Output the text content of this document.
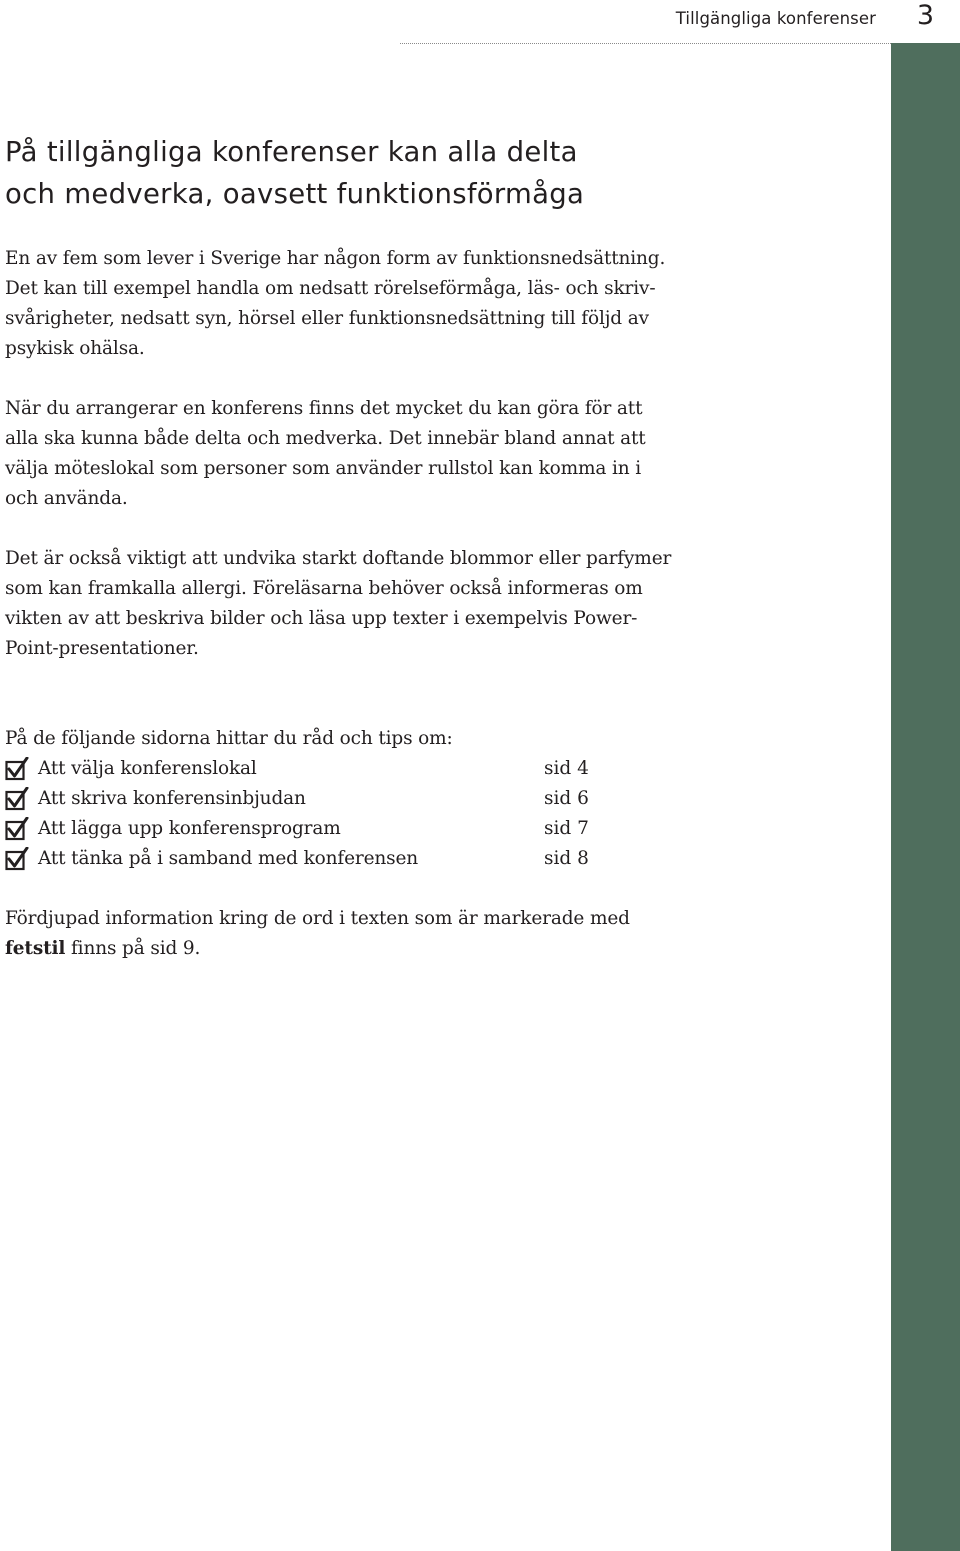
Tillgängliga konferenser 3
På tillgängliga konferenser kan alla delta
och medverka, oavsett funktionsförmåga

En av fem som lever i Sverige har någon form av funktionsnedsättning.
Det kan till exempel handla om nedsatt rörelseförmåga, läs- och skriv-
svårigheter, nedsatt syn, hörsel eller funktionsnedsättning till följd av
psykisk ohälsa.

När du arrangerar en konferens finns det mycket du kan göra för att
alla ska kunna både delta och medverka. Det innebär bland annat att
välja möteslokal som personer som använder rullstol kan komma in i
och använda.

Det är också viktigt att undvika starkt doftande blommor eller parfymer
som kan framkalla allergi. Föreläsarna behöver också informeras om
vikten av att beskriva bilder och läsa upp texter i exempelvis Power-
Point-presentationer.

På de följande sidorna hittar du råd och tips om:

Att välja konferenslokal	sid 4
Att skriva konferensinbjudan	sid 6
Att lägga upp konferensprogram	sid 7
Att tänka på i samband med konferensen	sid 8

Fördjupad information kring de ord i texten som är markerade med
fetstil finns på sid 9.
